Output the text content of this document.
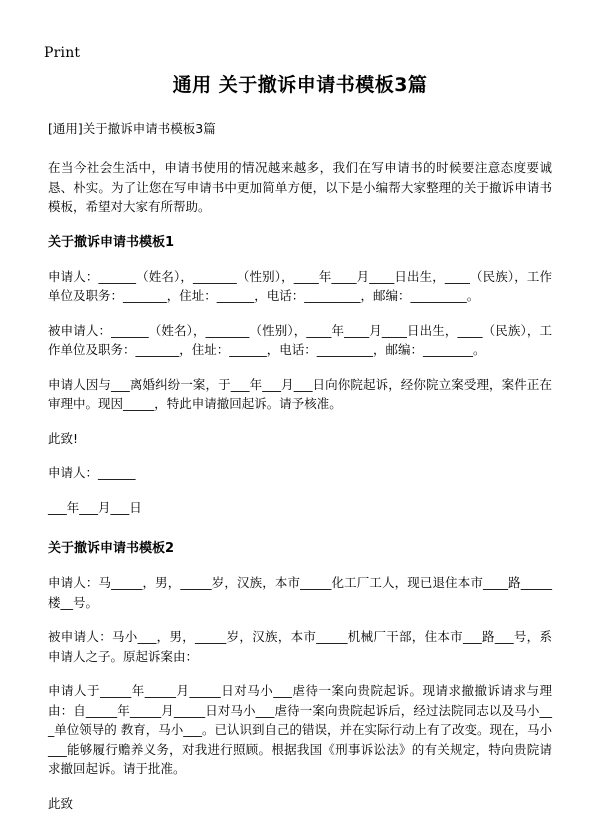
Print
通用 关于撤诉申请书模板3篇
[通用]关于撤诉申请书模板3篇

在当今社会生活中，申请书使用的情况越来越多，我们在写申请书的时候要注意态度要诚恳、朴实。为了让您在写申请书中更加简单方便，以下是小编帮大家整理的关于撤诉申请书模板，希望对大家有所帮助。

关于撤诉申请书模板1

申请人：______（姓名），_______（性别），____年____月____日出生，____（民族），工作单位及职务：_______，住址：______，电话：_________，邮编：_________。

被申请人：______（姓名），_______（性别），____年____月____日出生，____（民族），工作单位及职务：_______，住址：______，电话：_________，邮编：________。

申请人因与___离婚纠纷一案，于___年___月___日向你院起诉，经你院立案受理，案件正在审理中。现因_____，特此申请撤回起诉。请予核准。

此致!

申请人：______

___年___月___日

关于撤诉申请书模板2

申请人：马_____，男，_____岁，汉族，本市_____化工厂工人，现已退住本市____路_____楼__号。

被申请人：马小___，男，_____岁，汉族，本市_____机械厂干部，住本市___路___号，系申请人之子。原起诉案由：

申请人于_____年_____月_____日对马小___虐待一案向贵院起诉。现请求撤撤诉请求与理由：自_____年_____月_____日对马小___虐待一案向贵院起诉后，经过法院同志以及马小___单位领导的 教育，马小___。已认识到自己的错误，并在实际行动上有了改变。现在，马小___能够履行赡养义务，对我进行照顾。根据我国《刑事诉讼法》的有关规定，特向贵院请求撤回起诉。请于批准。

此致
